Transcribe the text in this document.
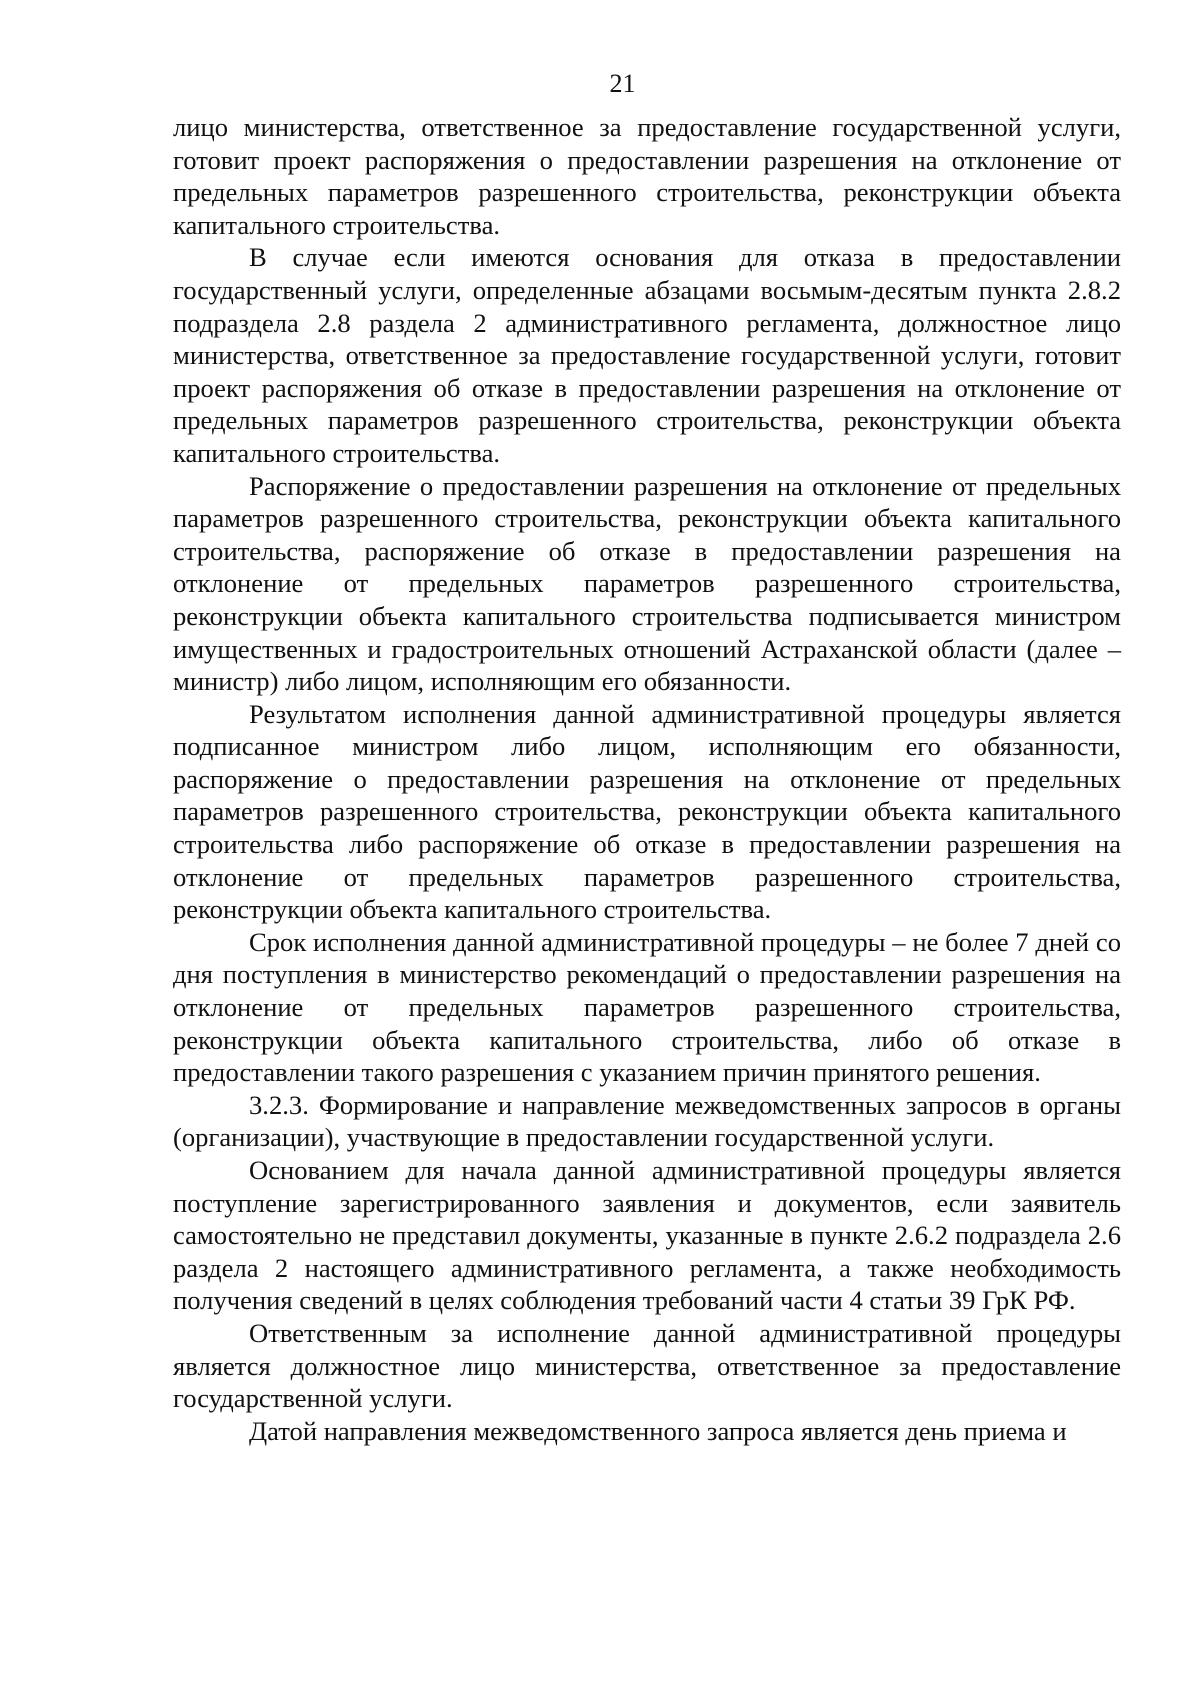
21

лицо министерства, ответственное за предоставление государственной услуги, готовит проект распоряжения о предоставлении разрешения на отклонение от предельных параметров разрешенного строительства, реконструкции объекта капитального строительства.

В случае если имеются основания для отказа в предоставлении государственный услуги, определенные абзацами восьмым-десятым пункта 2.8.2 подраздела 2.8 раздела 2 административного регламента, должностное лицо министерства, ответственное за предоставление государственной услуги, готовит проект распоряжения об отказе в предоставлении разрешения на отклонение от предельных параметров разрешенного строительства, реконструкции объекта капитального строительства.

Распоряжение о предоставлении разрешения на отклонение от предельных параметров разрешенного строительства, реконструкции объекта капитального строительства, распоряжение об отказе в предоставлении разрешения на отклонение от предельных параметров разрешенного строительства, реконструкции объекта капитального строительства подписывается министром имущественных и градостроительных отношений Астраханской области (далее – министр) либо лицом, исполняющим его обязанности.

Результатом исполнения данной административной процедуры является подписанное министром либо лицом, исполняющим его обязанности, распоряжение о предоставлении разрешения на отклонение от предельных параметров разрешенного строительства, реконструкции объекта капитального строительства либо распоряжение об отказе в предоставлении разрешения на отклонение от предельных параметров разрешенного строительства, реконструкции объекта капитального строительства.

Срок исполнения данной административной процедуры – не более 7 дней со дня поступления в министерство рекомендаций о предоставлении разрешения на отклонение от предельных параметров разрешенного строительства, реконструкции объекта капитального строительства, либо об отказе в предоставлении такого разрешения с указанием причин принятого решения.

3.2.3. Формирование и направление межведомственных запросов в органы (организации), участвующие в предоставлении государственной услуги.

Основанием для начала данной административной процедуры является поступление зарегистрированного заявления и документов, если заявитель самостоятельно не представил документы, указанные в пункте 2.6.2 подраздела 2.6 раздела 2 настоящего административного регламента, а также необходимость получения сведений в целях соблюдения требований части 4 статьи 39 ГрК РФ.

Ответственным за исполнение данной административной процедуры является должностное лицо министерства, ответственное за предоставление государственной услуги.

Датой направления межведомственного запроса является день приема и
